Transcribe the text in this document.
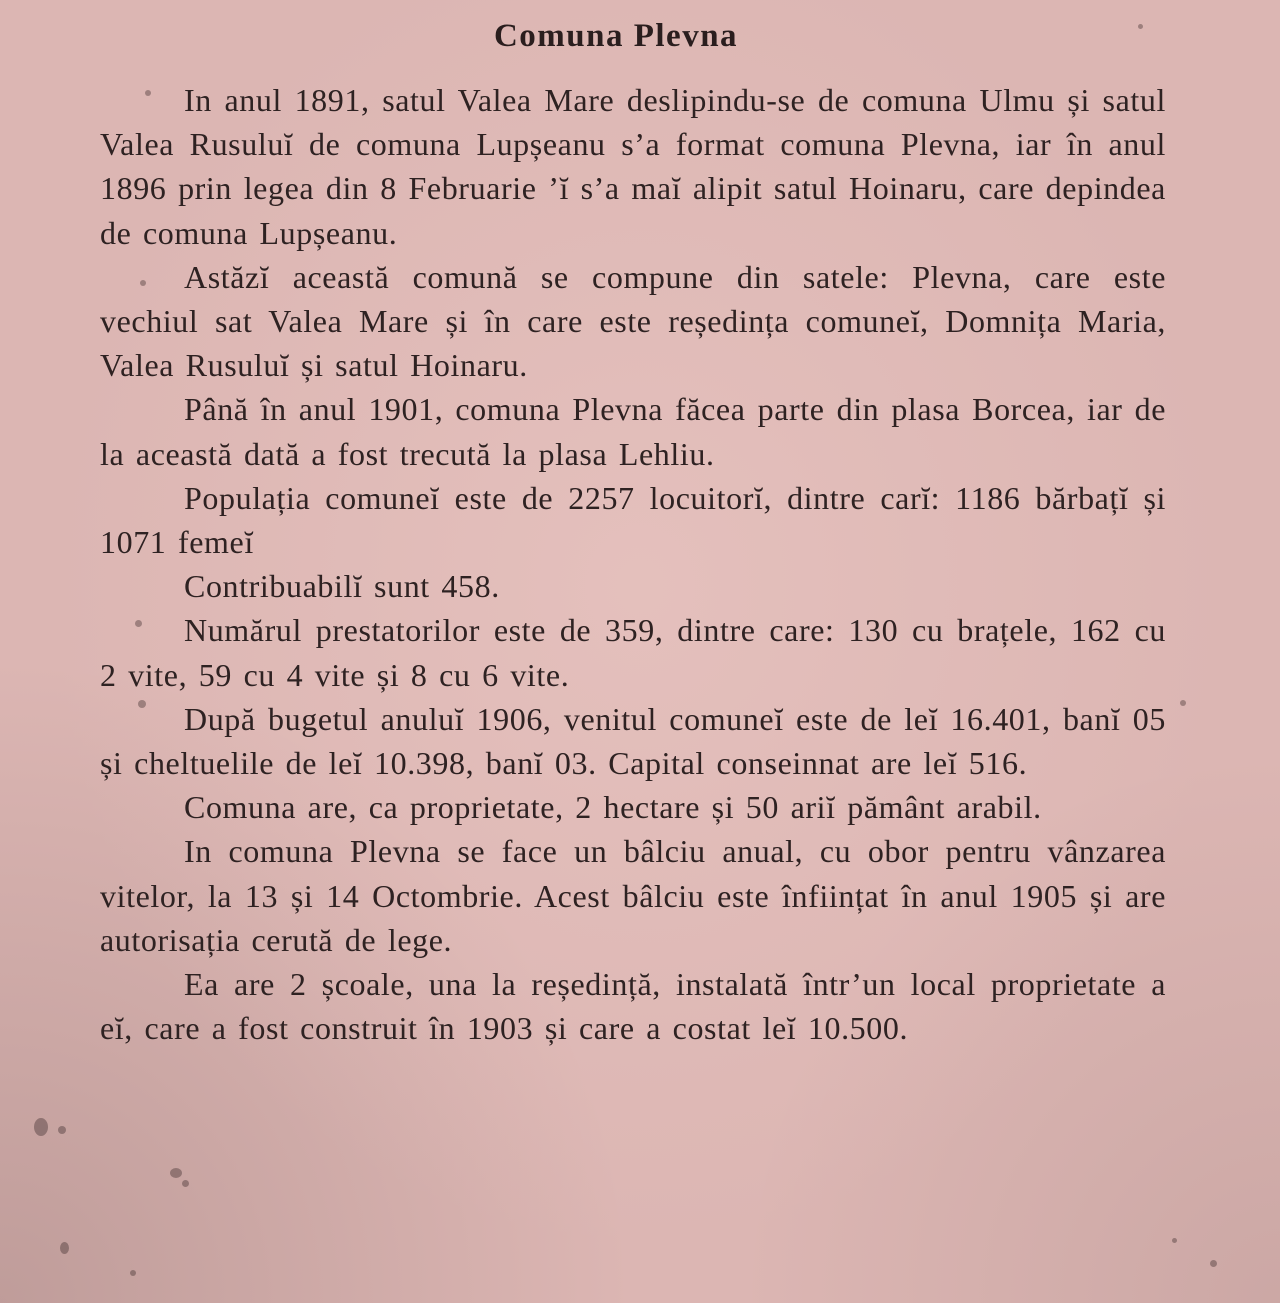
Comuna Plevna

In anul 1891, satul Valea Mare deslipindu-se de comuna Ulmu și satul Valea Rusuluĭ de comuna Lupșeanu s’a format comuna Plevna, iar în anul 1896 prin legea din 8 Februarie ’ĭ s’a maĭ alipit satul Hoinaru, care depindea de comuna Lupșeanu.

Astăzĭ această comună se compune din satele: Plevna, care este vechiul sat Valea Mare și în care este reședința comuneĭ, Domnița Maria, Valea Rusuluĭ și satul Hoinaru.

Până în anul 1901, comuna Plevna făcea parte din plasa Borcea, iar de la această dată a fost trecută la plasa Lehliu.

Populația comuneĭ este de 2257 locuitorĭ, dintre carĭ: 1186 bărbațĭ și 1071 femeĭ

Contribuabilĭ sunt 458.

Numărul prestatorilor este de 359, dintre care: 130 cu brațele, 162 cu 2 vite, 59 cu 4 vite și 8 cu 6 vite.

După bugetul anuluĭ 1906, venitul comuneĭ este de leĭ 16.401, banĭ 05 și cheltuelile de leĭ 10.398, banĭ 03. Capital conseinnat are leĭ 516.

Comuna are, ca proprietate, 2 hectare și 50 ariĭ pământ arabil.

In comuna Plevna se face un bâlciu anual, cu obor pentru vânzarea vitelor, la 13 și 14 Octombrie. Acest bâlciu este înființat în anul 1905 și are autorisația cerută de lege.

Ea are 2 școale, una la reședință, instalată într’un local proprietate a eĭ, care a fost construit în 1903 și care a costat leĭ 10.500.
